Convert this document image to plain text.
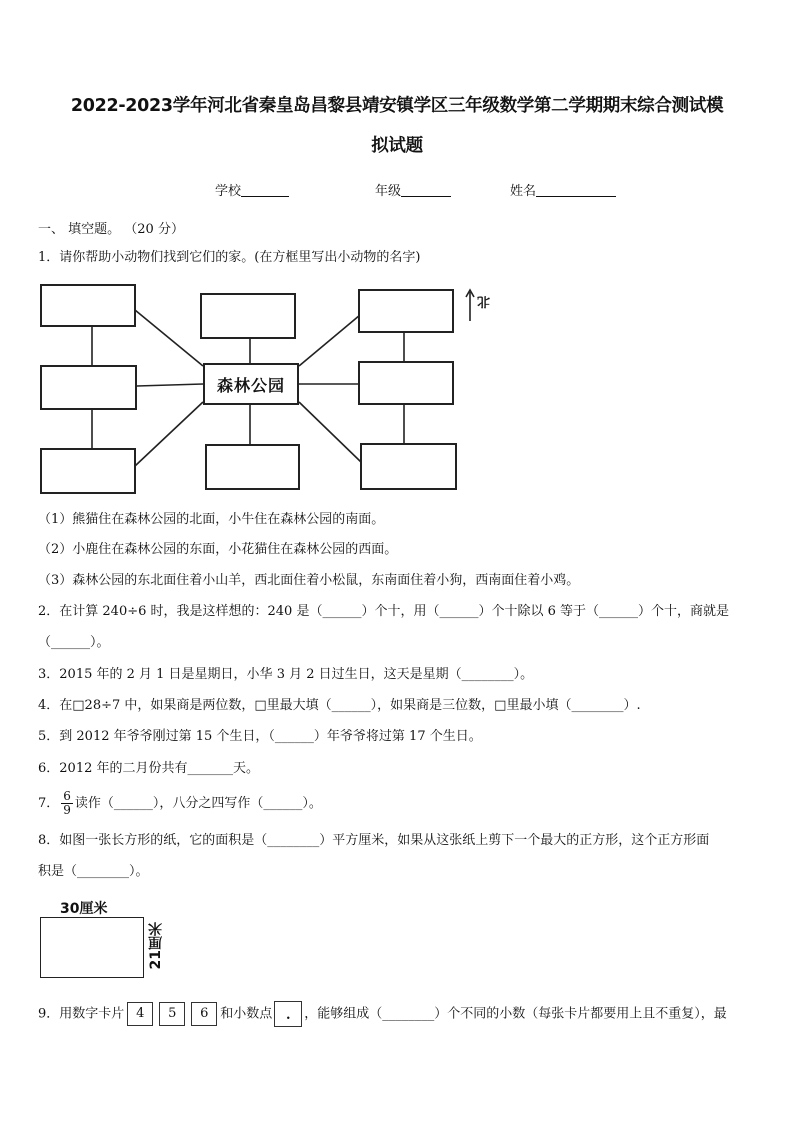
2022-2023学年河北省秦皇岛昌黎县靖安镇学区三年级数学第二学期期末综合测试模
拟试题
学校	年级	姓名
一、 填空题。 （20 分）
1．请你帮助小动物们找到它们的家。(在方框里写出小动物的名字)
森林公园
北
（1）熊猫住在森林公园的北面，小牛住在森林公园的南面。
（2）小鹿住在森林公园的东面，小花猫住在森林公园的西面。
（3）森林公园的东北面住着小山羊，西北面住着小松鼠，东南面住着小狗，西南面住着小鸡。
2．在计算 240÷6 时，我是这样想的：240 是（______）个十，用（______）个十除以 6 等于（______）个十，商就是
（______）。
3．2015 年的 2 月 1 日是星期日，小华 3 月 2 日过生日，这天是星期（________）。
4．在□28÷7 中，如果商是两位数，□里最大填（______），如果商是三位数，□里最小填（________）.
5．到 2012 年爷爷刚过第 15 个生日，（______）年爷爷将过第 17 个生日。
6．2012 年的二月份共有_______天。
7． $\frac{6}{9}$ 读作（______），八分之四写作（______）。
8．如图一张长方形的纸，它的面积是（________）平方厘米，如果从这张纸上剪下一个最大的正方形，这个正方形面
积是（________）。
30厘米
21厘米
9．用数字卡片 4 5 6 和小数点 . ，能够组成（________）个不同的小数（每张卡片都要用上且不重复），最
